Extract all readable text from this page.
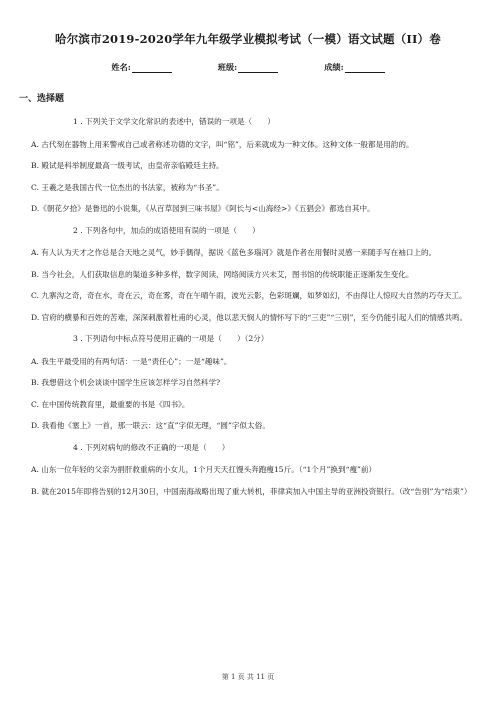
哈尔滨市2019-2020学年九年级学业模拟考试（一模）语文试题（II）卷
姓名:	班级:	成绩:
一、选择题

1 . 下列关于文学文化常识的表述中，错误的一项是（　　）

A. 古代刻在器物上用来警戒自己或者称述功德的文字，叫“铭”，后来就成为一种文体。这种文体一般都是用韵的。

B. 殿试是科举制度最高一级考试，由皇帝亲临殿廷主持。

C. 王羲之是我国古代一位杰出的书法家，被称为“书圣”。

D.《朝花夕拾》是鲁迅的小说集，《从百草园到三味书屋》《阿长与<山海经>》《五猖会》都选自其中。

2 . 下列各句中，加点的成语使用有误的一项是（　　）

A. 有人认为天才之作总是合天地之灵气，妙手偶得，据说《蓝色多瑙河》就是作者在用餐时灵感一来随手写在袖口上的。

B. 当今社会，人们获取信息的渠道多种多样，数字阅读、网络阅读方兴未艾，图书馆的传统职能正逐渐发生变化。

C. 九寨沟之奇，奇在水，奇在云，奇在雾，奇在午晴午雨，波光云影，色彩斑斓，如梦如幻，不由得让人惊叹大自然的巧夺天工。

D. 官府的横暴和百姓的苦难，深深刺激着杜甫的心灵，他以悲天悯人的情怀写下的“三吏”“三别”，至今仍能引起人们的情感共鸣。

3 . 下列语句中标点符号使用正确的一项是（　　）（2分）

A. 我生平最受用的有两句话：一是“责任心”；一是“趣味”。

B. 我想借这个机会谈谈中国学生应该怎样学习自然科学?

C. 在中国传统教育里，最重要的书是《四书》。

D. 我看他《塞上》一首，那一联云：这“直”字似无理，“圆”字似太俗。

4 . 下列对病句的修改不正确的一项是（　　）

A. 山东一位年轻的父亲为捐肝救重病的小女儿，1个月天天扛馒头奔跑瘦15斤。（“1个月”换到“瘦”前）

B. 就在2015年即将告别的12月30日，中国南海战略出现了重大转机，菲律宾加入中国主导的亚洲投资银行。（改“告别”为“结束”）

第 1 页 共 11 页
